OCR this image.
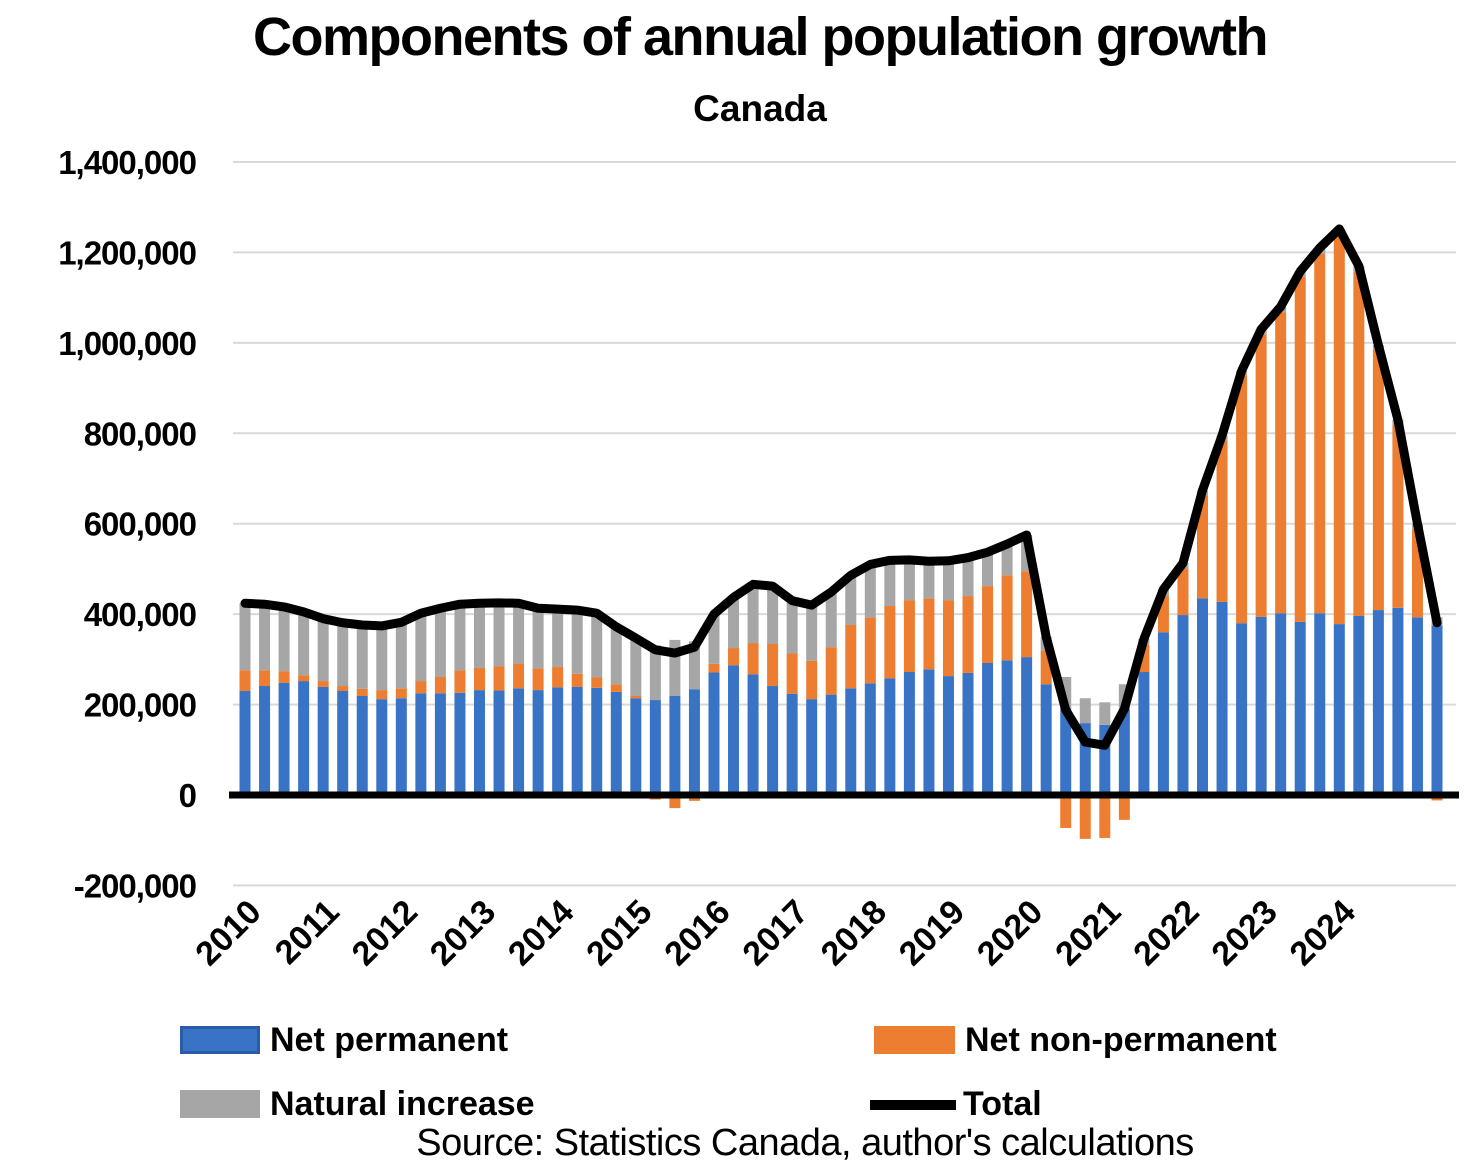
Components of annual population growth
Canada
1,400,000
1,200,000
1,000,000
800,000
600,000
400,000
200,000
0
-200,000
2010 2011
2012
2013
2014
2015
2016
2017
2018
2019
2020
2021
2022
2023
2024
Net permanent	Net non-permanent
Natural increase	Total
Source: Statistics Canada, author's calculations
